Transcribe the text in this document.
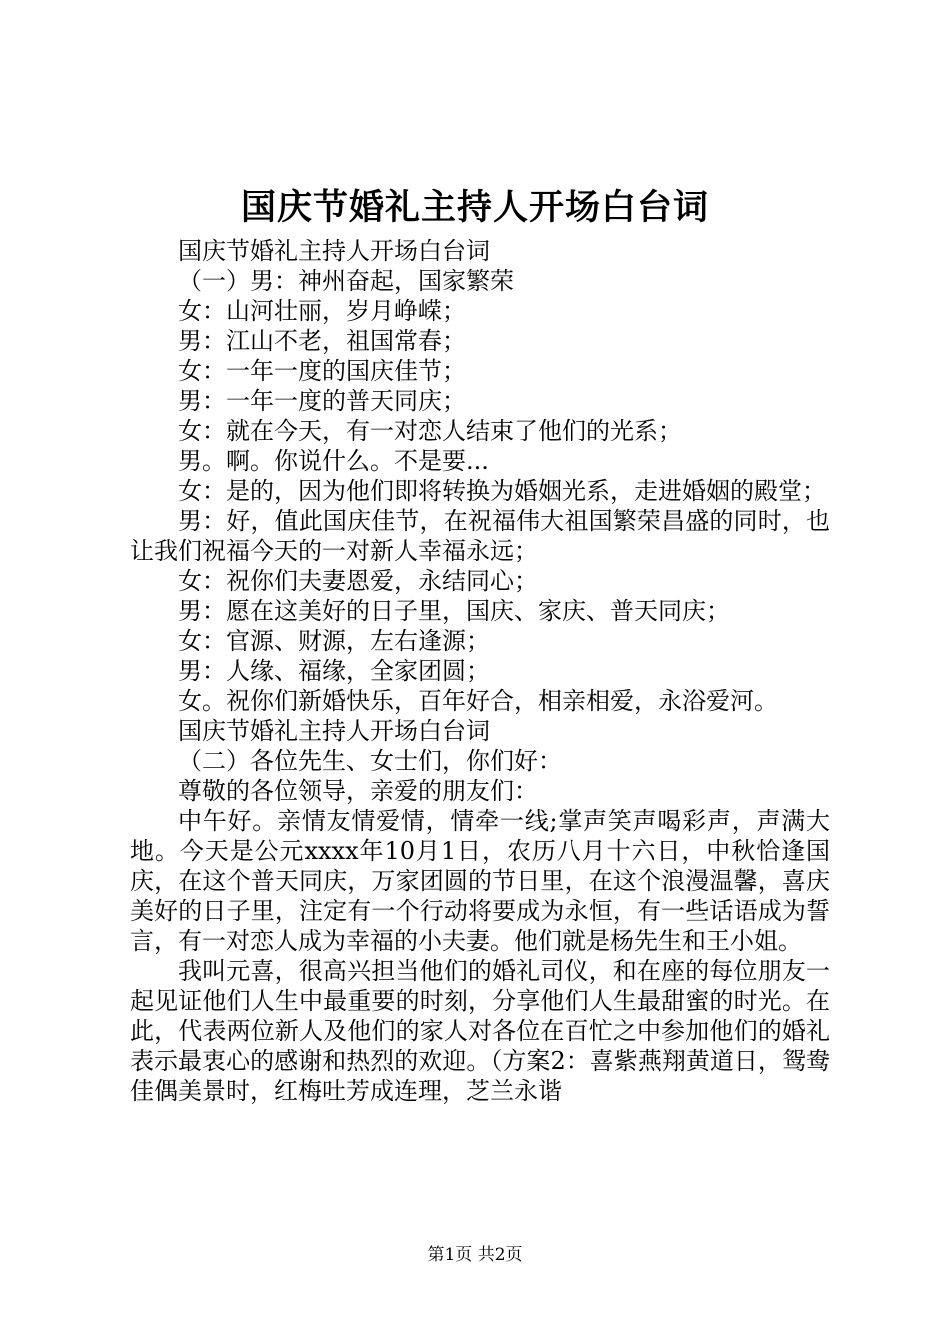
国庆节婚礼主持人开场白台词

国庆节婚礼主持人开场白台词

（一）男：神州奋起，国家繁荣

女：山河壮丽，岁月峥嵘；

男：江山不老，祖国常春；

女：一年一度的国庆佳节；

男：一年一度的普天同庆；

女：就在今天，有一对恋人结束了他们的光系；

男。啊。你说什么。不是要...

女：是的，因为他们即将转换为婚姻光系，走进婚姻的殿堂；

男：好，值此国庆佳节，在祝福伟大祖国繁荣昌盛的同时，也让我们祝福今天的一对新人幸福永远；

女：祝你们夫妻恩爱，永结同心；

男：愿在这美好的日子里，国庆、家庆、普天同庆；

女：官源、财源，左右逢源；

男：人缘、福缘，全家团圆；

女。祝你们新婚快乐，百年好合，相亲相爱，永浴爱河。

国庆节婚礼主持人开场白台词

（二）各位先生、女士们，你们好：

尊敬的各位领导，亲爱的朋友们：

中午好。亲情友情爱情，情牵一线;掌声笑声喝彩声，声满大地。今天是公元xxxx年10月1日，农历八月十六日，中秋恰逢国庆，在这个普天同庆，万家团圆的节日里，在这个浪漫温馨，喜庆美好的日子里，注定有一个行动将要成为永恒，有一些话语成为誓言，有一对恋人成为幸福的小夫妻。他们就是杨先生和王小姐。

我叫元喜，很高兴担当他们的婚礼司仪，和在座的每位朋友一起见证他们人生中最重要的时刻，分享他们人生最甜蜜的时光。在此，代表两位新人及他们的家人对各位在百忙之中参加他们的婚礼表示最衷心的感谢和热烈的欢迎。（方案2：喜紫燕翔黄道日，鸳鸯佳偶美景时，红梅吐芳成连理，芝兰永谐

第1页 共2页
